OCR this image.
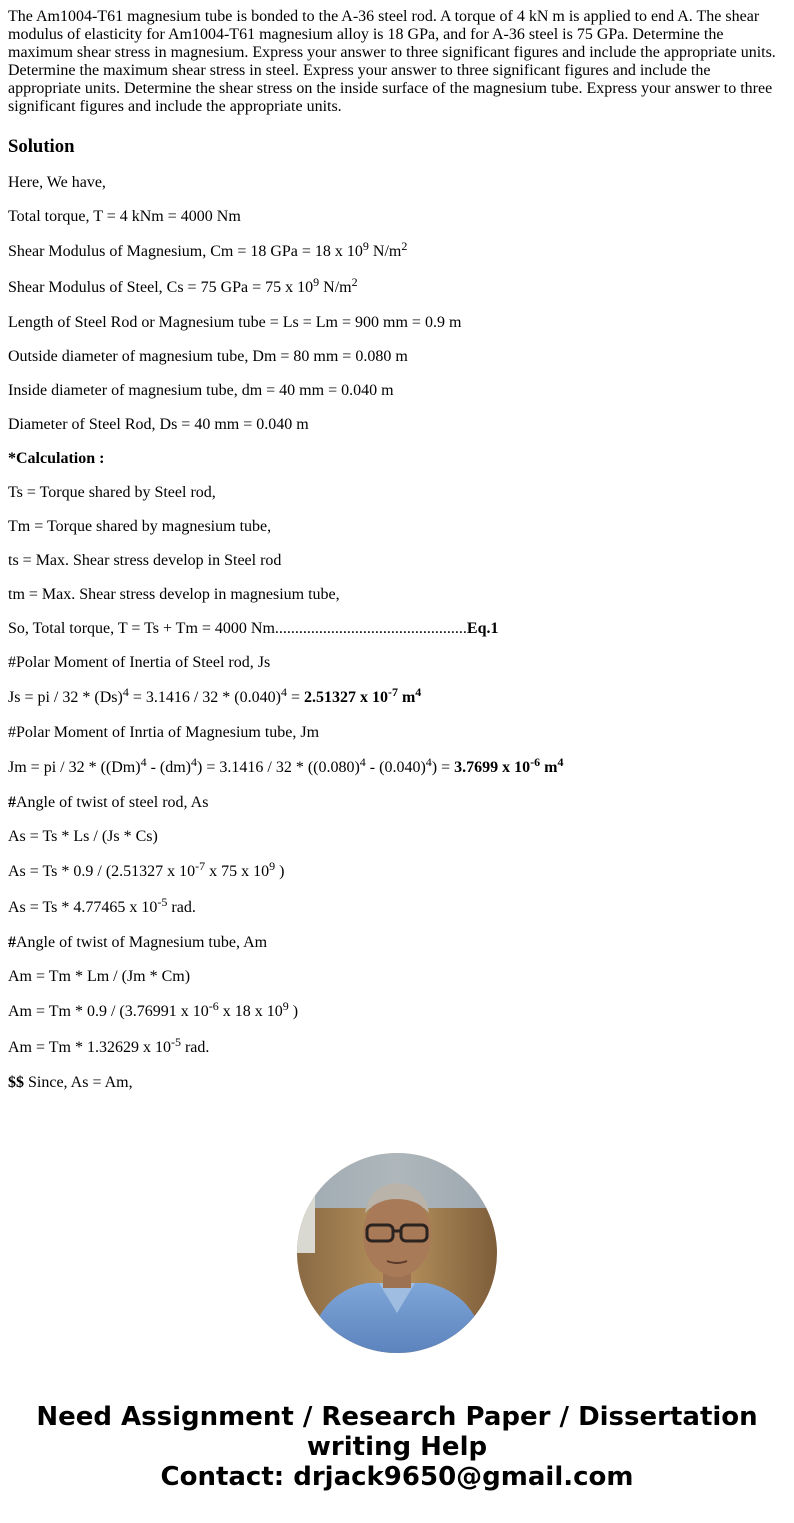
The Am1004-T61 magnesium tube is bonded to the A-36 steel rod. A torque of 4 kN m is applied to end A. The shear modulus of elasticity for Am1004-T61 magnesium alloy is 18 GPa, and for A-36 steel is 75 GPa. Determine the maximum shear stress in magnesium. Express your answer to three significant figures and include the appropriate units. Determine the maximum shear stress in steel. Express your answer to three significant figures and include the appropriate units. Determine the shear stress on the inside surface of the magnesium tube. Express your answer to three significant figures and include the appropriate units.

Solution

Here, We have,

Total torque, T = 4 kNm = 4000 Nm

Shear Modulus of Magnesium, Cm = 18 GPa = 18 x $10^9$ $N/m^2$

Shear Modulus of Steel, Cs = 75 GPa = 75 x $10^9$ $N/m^2$

Length of Steel Rod or Magnesium tube = Ls = Lm = 900 mm = 0.9 m

Outside diameter of magnesium tube, Dm = 80 mm = 0.080 m

Inside diameter of magnesium tube, dm = 40 mm = 0.040 m

Diameter of Steel Rod, Ds = 40 mm = 0.040 m

*Calculation :

Ts = Torque shared by Steel rod,

Tm = Torque shared by magnesium tube,

ts = Max. Shear stress develop in Steel rod

tm = Max. Shear stress develop in magnesium tube,

So, Total torque, T = Ts + Tm = 4000 Nm................................................Eq.1

#Polar Moment of Inertia of Steel rod, Js

Js = pi / $32 * (Ds)^4 = 3.1416 / 32 * (0.040)^4 = 2.51327$ x $10^{-7}$ $m^4$

#Polar Moment of Inrtia of Magnesium tube, Jm

Jm = pi / $32 * ((Dm)^4 - (dm)^4) = 3.1416 / 32 * ((0.080)^4 - (0.040)^4) = 3.7699$ x $10^{-6}$ $m^4$

#Angle of twist of steel rod, As

As = Ts * Ls / (Js * Cs)

As = Ts * 0.9 / (2.51327 x $10^{-7}$ x 75 x $10^9$ )

As = Ts * 4.77465 x $10^{-5}$ rad.

#Angle of twist of Magnesium tube, Am

Am = Tm * Lm / (Jm * Cm)

Am = Tm * 0.9 / (3.76991 x $10^{-6}$ x 18 x $10^9$ )

Am = Tm * 1.32629 x $10^{-5}$ rad.

$$ Since, As = Am,

Need Assignment / Research Paper / Dissertation
writing Help
Contact: drjack9650@gmail.com
